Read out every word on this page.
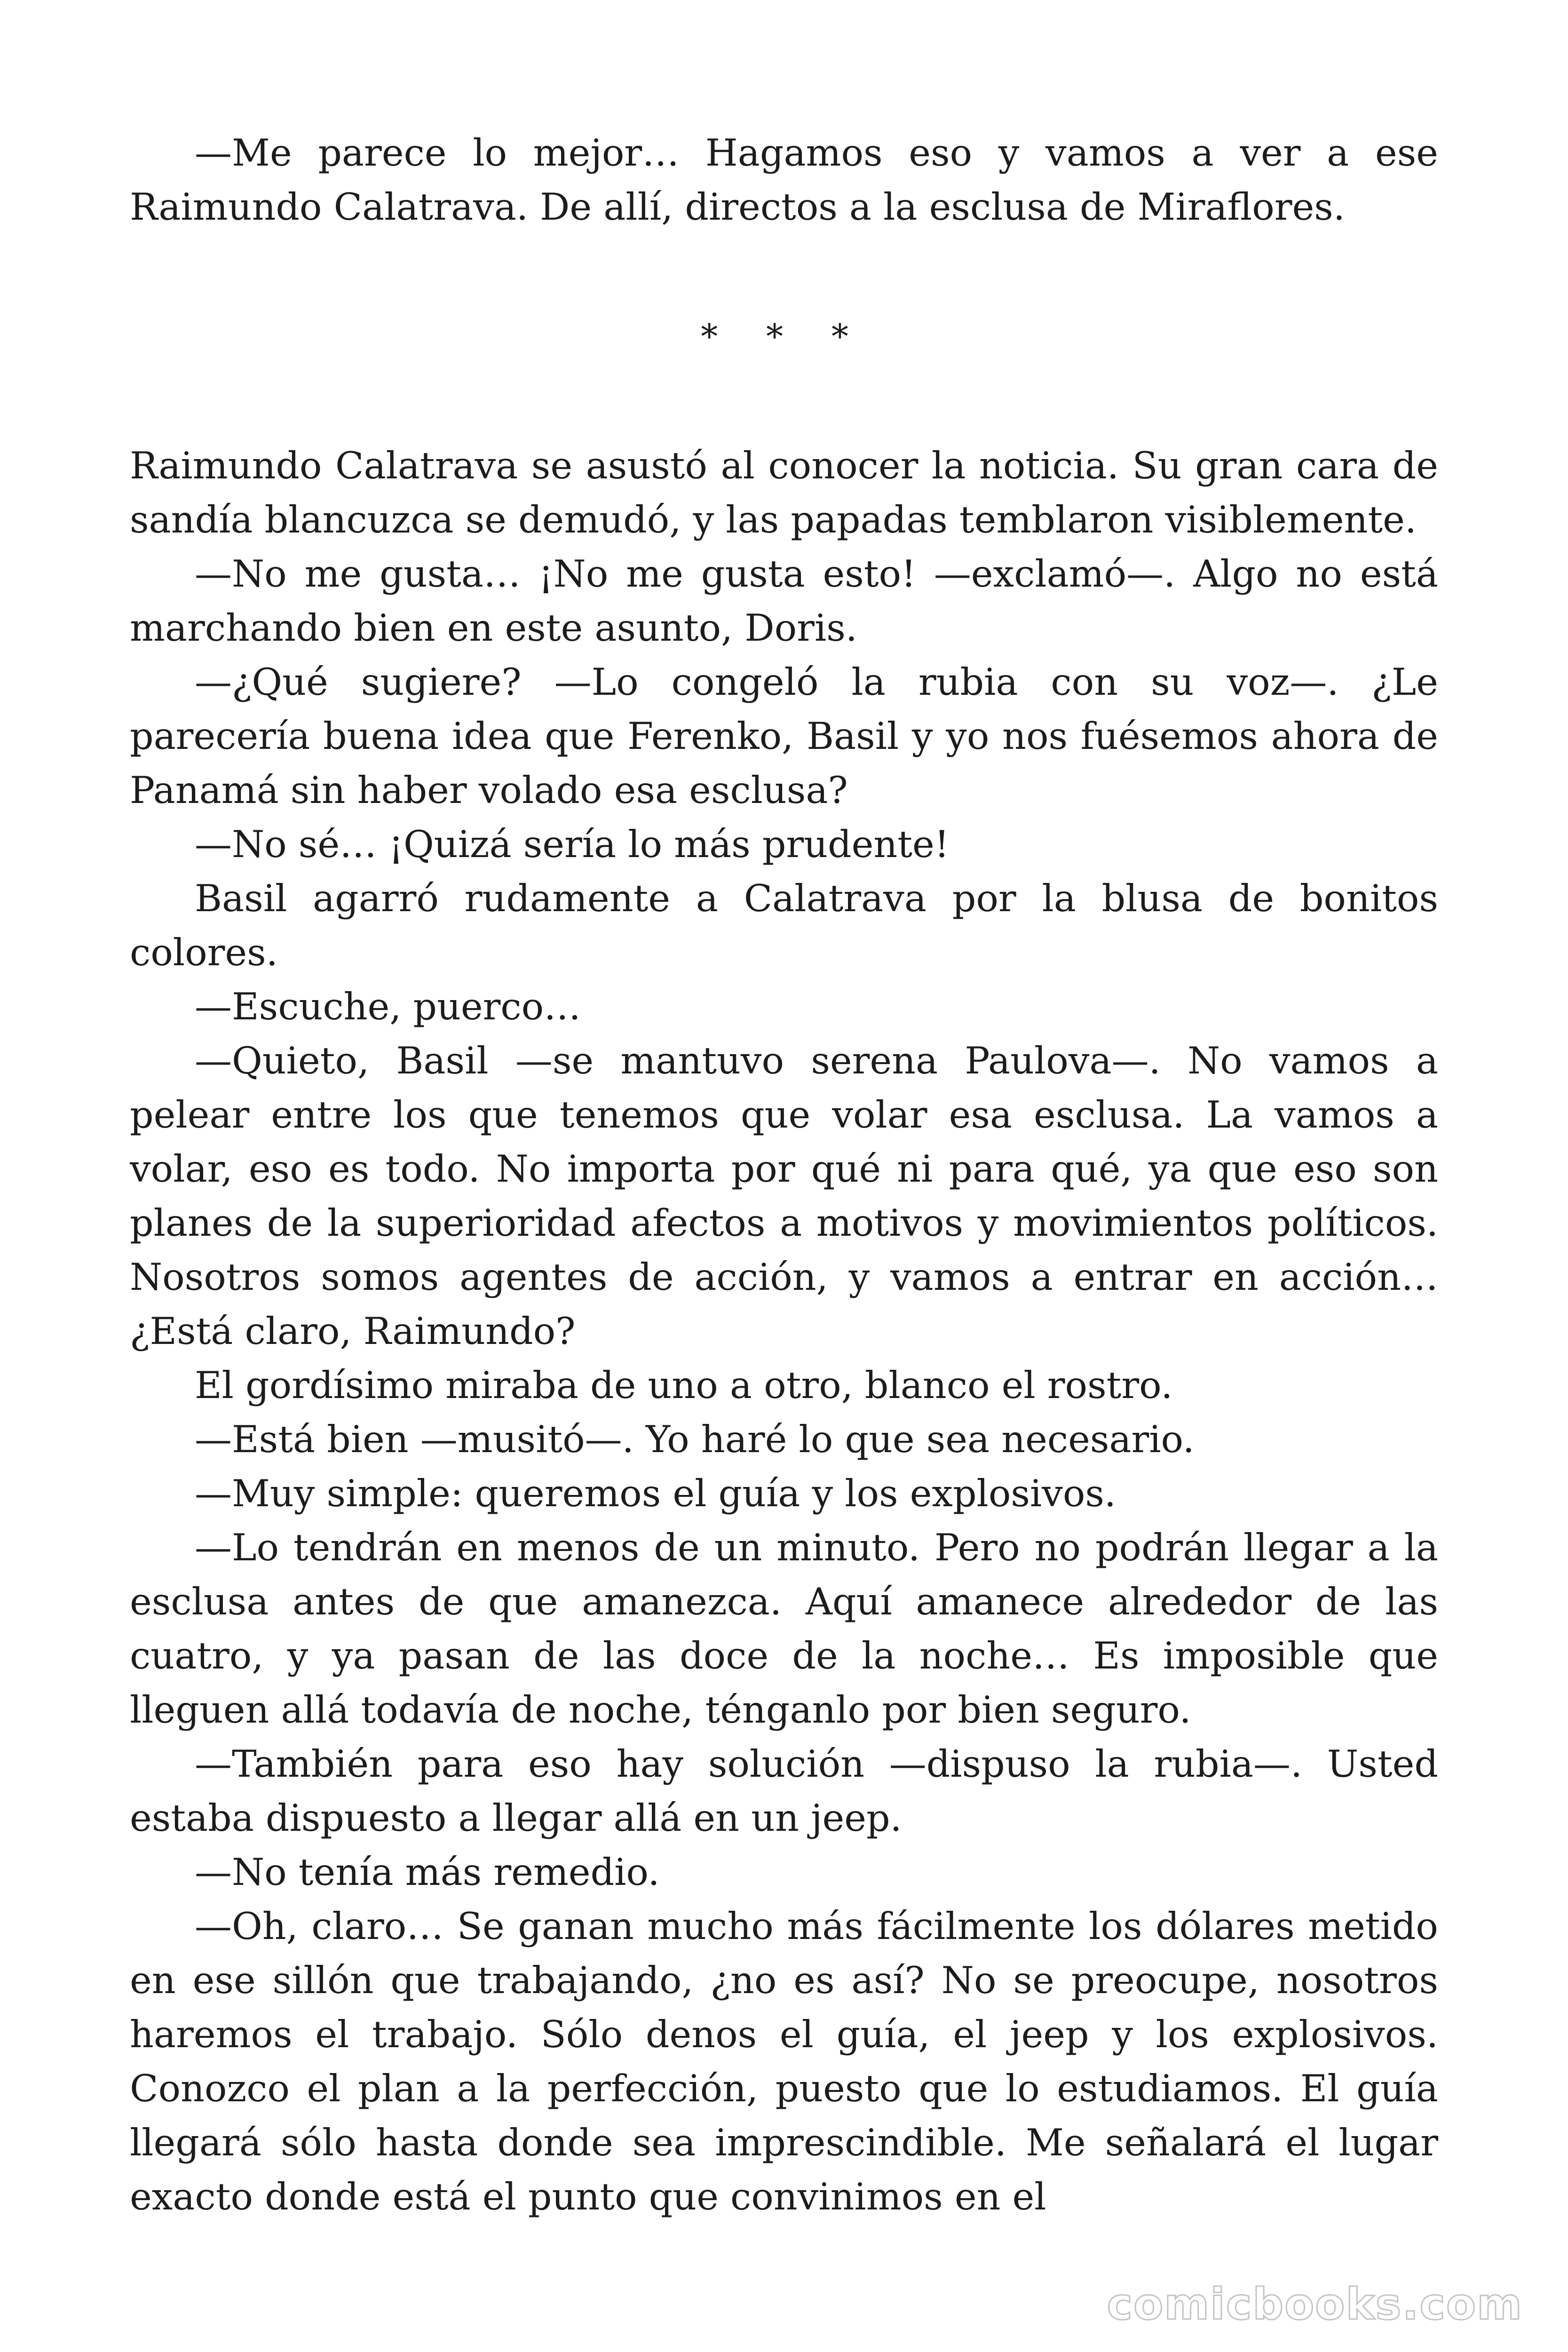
—Me parece lo mejor… Hagamos eso y vamos a ver a ese Raimundo Calatrava. De allí, directos a la esclusa de Miraflores.

* * *

Raimundo Calatrava se asustó al conocer la noticia. Su gran cara de sandía blancuzca se demudó, y las papadas temblaron visiblemente.

—No me gusta… ¡No me gusta esto! —exclamó—. Algo no está marchando bien en este asunto, Doris.

—¿Qué sugiere? —Lo congeló la rubia con su voz—. ¿Le parecería buena idea que Ferenko, Basil y yo nos fuésemos ahora de Panamá sin haber volado esa esclusa?

—No sé… ¡Quizá sería lo más prudente!

Basil agarró rudamente a Calatrava por la blusa de bonitos colores.

—Escuche, puerco…

—Quieto, Basil —se mantuvo serena Paulova—. No vamos a pelear entre los que tenemos que volar esa esclusa. La vamos a volar, eso es todo. No importa por qué ni para qué, ya que eso son planes de la superioridad afectos a motivos y movimientos políticos. Nosotros somos agentes de acción, y vamos a entrar en acción… ¿Está claro, Raimundo?

El gordísimo miraba de uno a otro, blanco el rostro.

—Está bien —musitó—. Yo haré lo que sea necesario.

—Muy simple: queremos el guía y los explosivos.

—Lo tendrán en menos de un minuto. Pero no podrán llegar a la esclusa antes de que amanezca. Aquí amanece alrededor de las cuatro, y ya pasan de las doce de la noche… Es imposible que lleguen allá todavía de noche, ténganlo por bien seguro.

—También para eso hay solución —dispuso la rubia—. Usted estaba dispuesto a llegar allá en un jeep.

—No tenía más remedio.

—Oh, claro… Se ganan mucho más fácilmente los dólares metido en ese sillón que trabajando, ¿no es así? No se preocupe, nosotros haremos el trabajo. Sólo denos el guía, el jeep y los explosivos. Conozco el plan a la perfección, puesto que lo estudiamos. El guía llegará sólo hasta donde sea imprescindible. Me señalará el lugar exacto donde está el punto que convinimos en el

comicbooks.com
